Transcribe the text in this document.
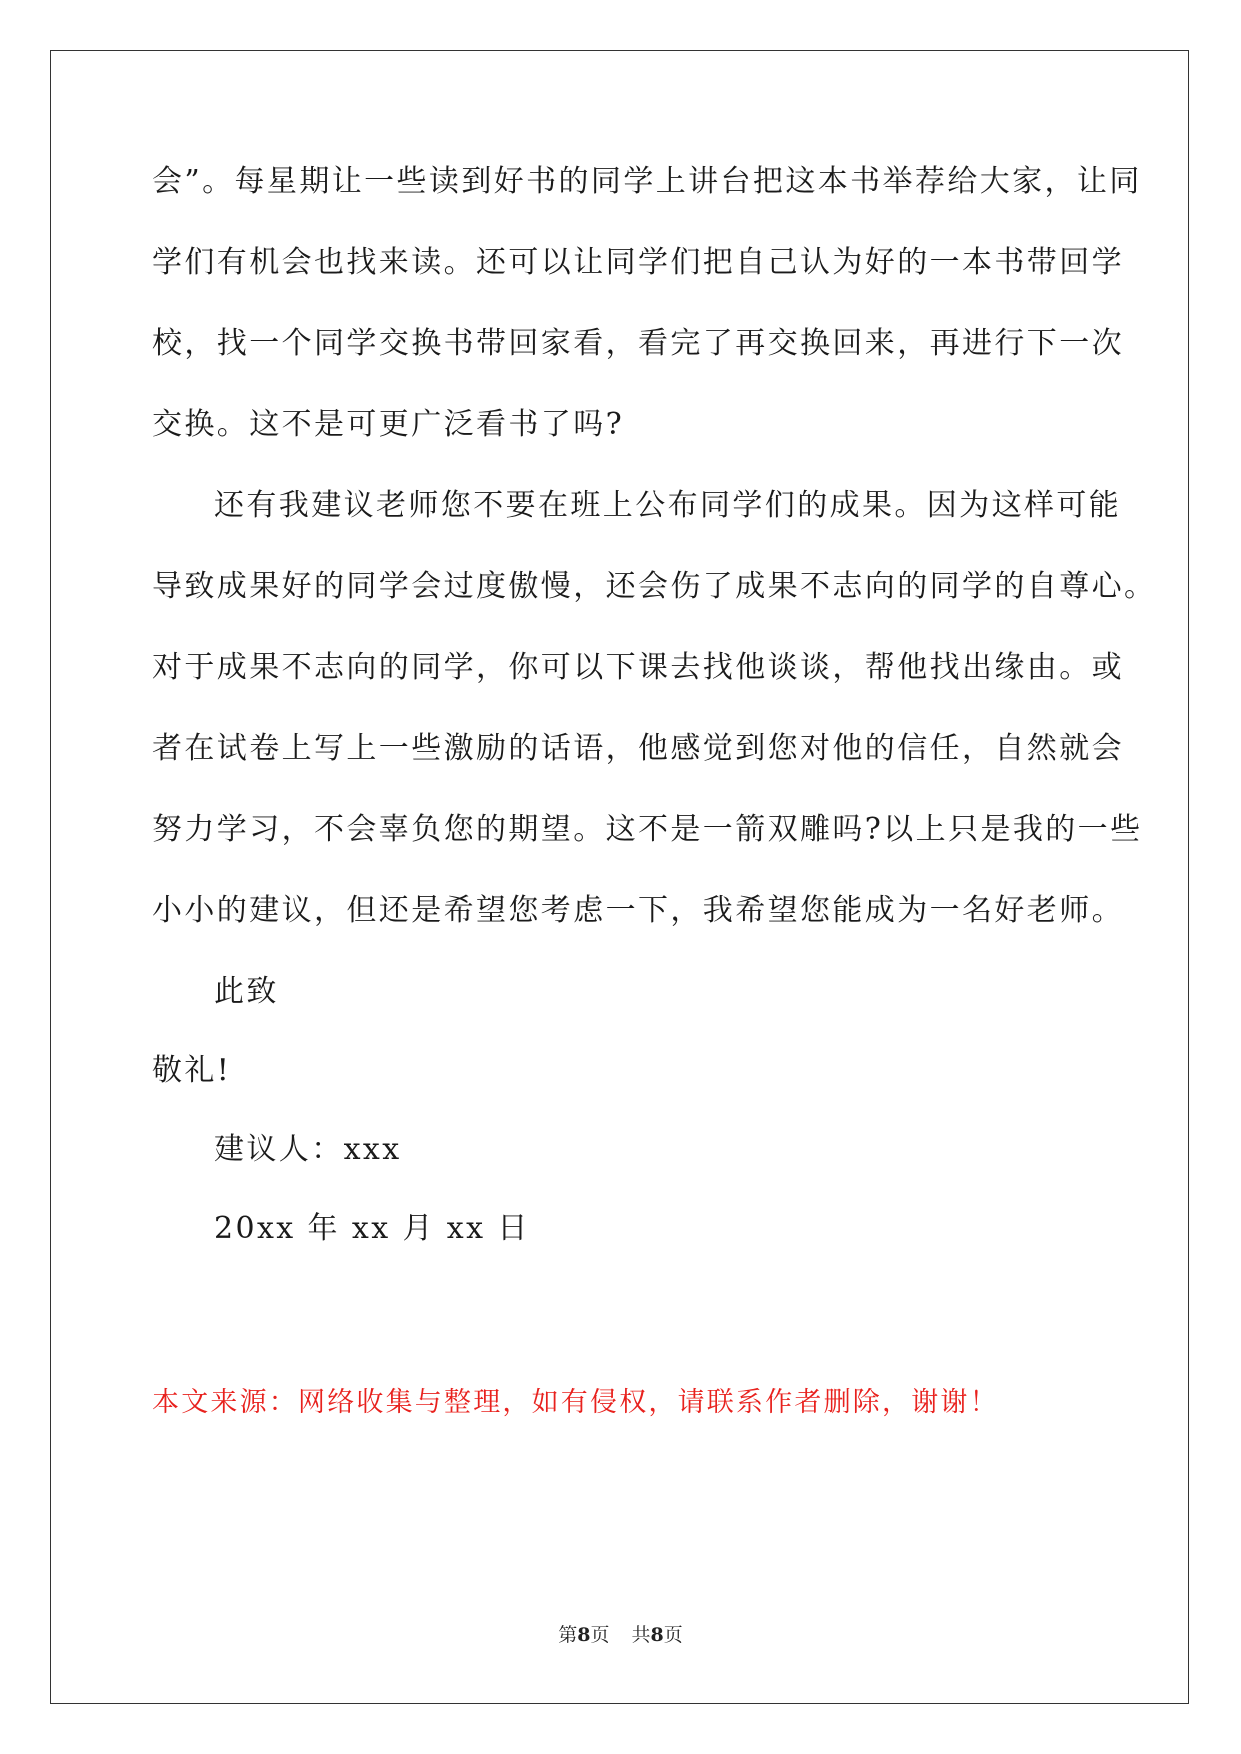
会”。每星期让一些读到好书的同学上讲台把这本书举荐给大家，让同
学们有机会也找来读。还可以让同学们把自己认为好的一本书带回学
校，找一个同学交换书带回家看，看完了再交换回来，再进行下一次
交换。这不是可更广泛看书了吗?
还有我建议老师您不要在班上公布同学们的成果。因为这样可能
导致成果好的同学会过度傲慢，还会伤了成果不志向的同学的自尊心。
对于成果不志向的同学，你可以下课去找他谈谈，帮他找出缘由。或
者在试卷上写上一些激励的话语，他感觉到您对他的信任，自然就会
努力学习，不会辜负您的期望。这不是一箭双雕吗?以上只是我的一些
小小的建议，但还是希望您考虑一下，我希望您能成为一名好老师。
此致
敬礼!
建议人：xxx
20xx 年 xx 月 xx 日
本文来源：网络收集与整理，如有侵权，请联系作者删除，谢谢！
第8页 共8页
